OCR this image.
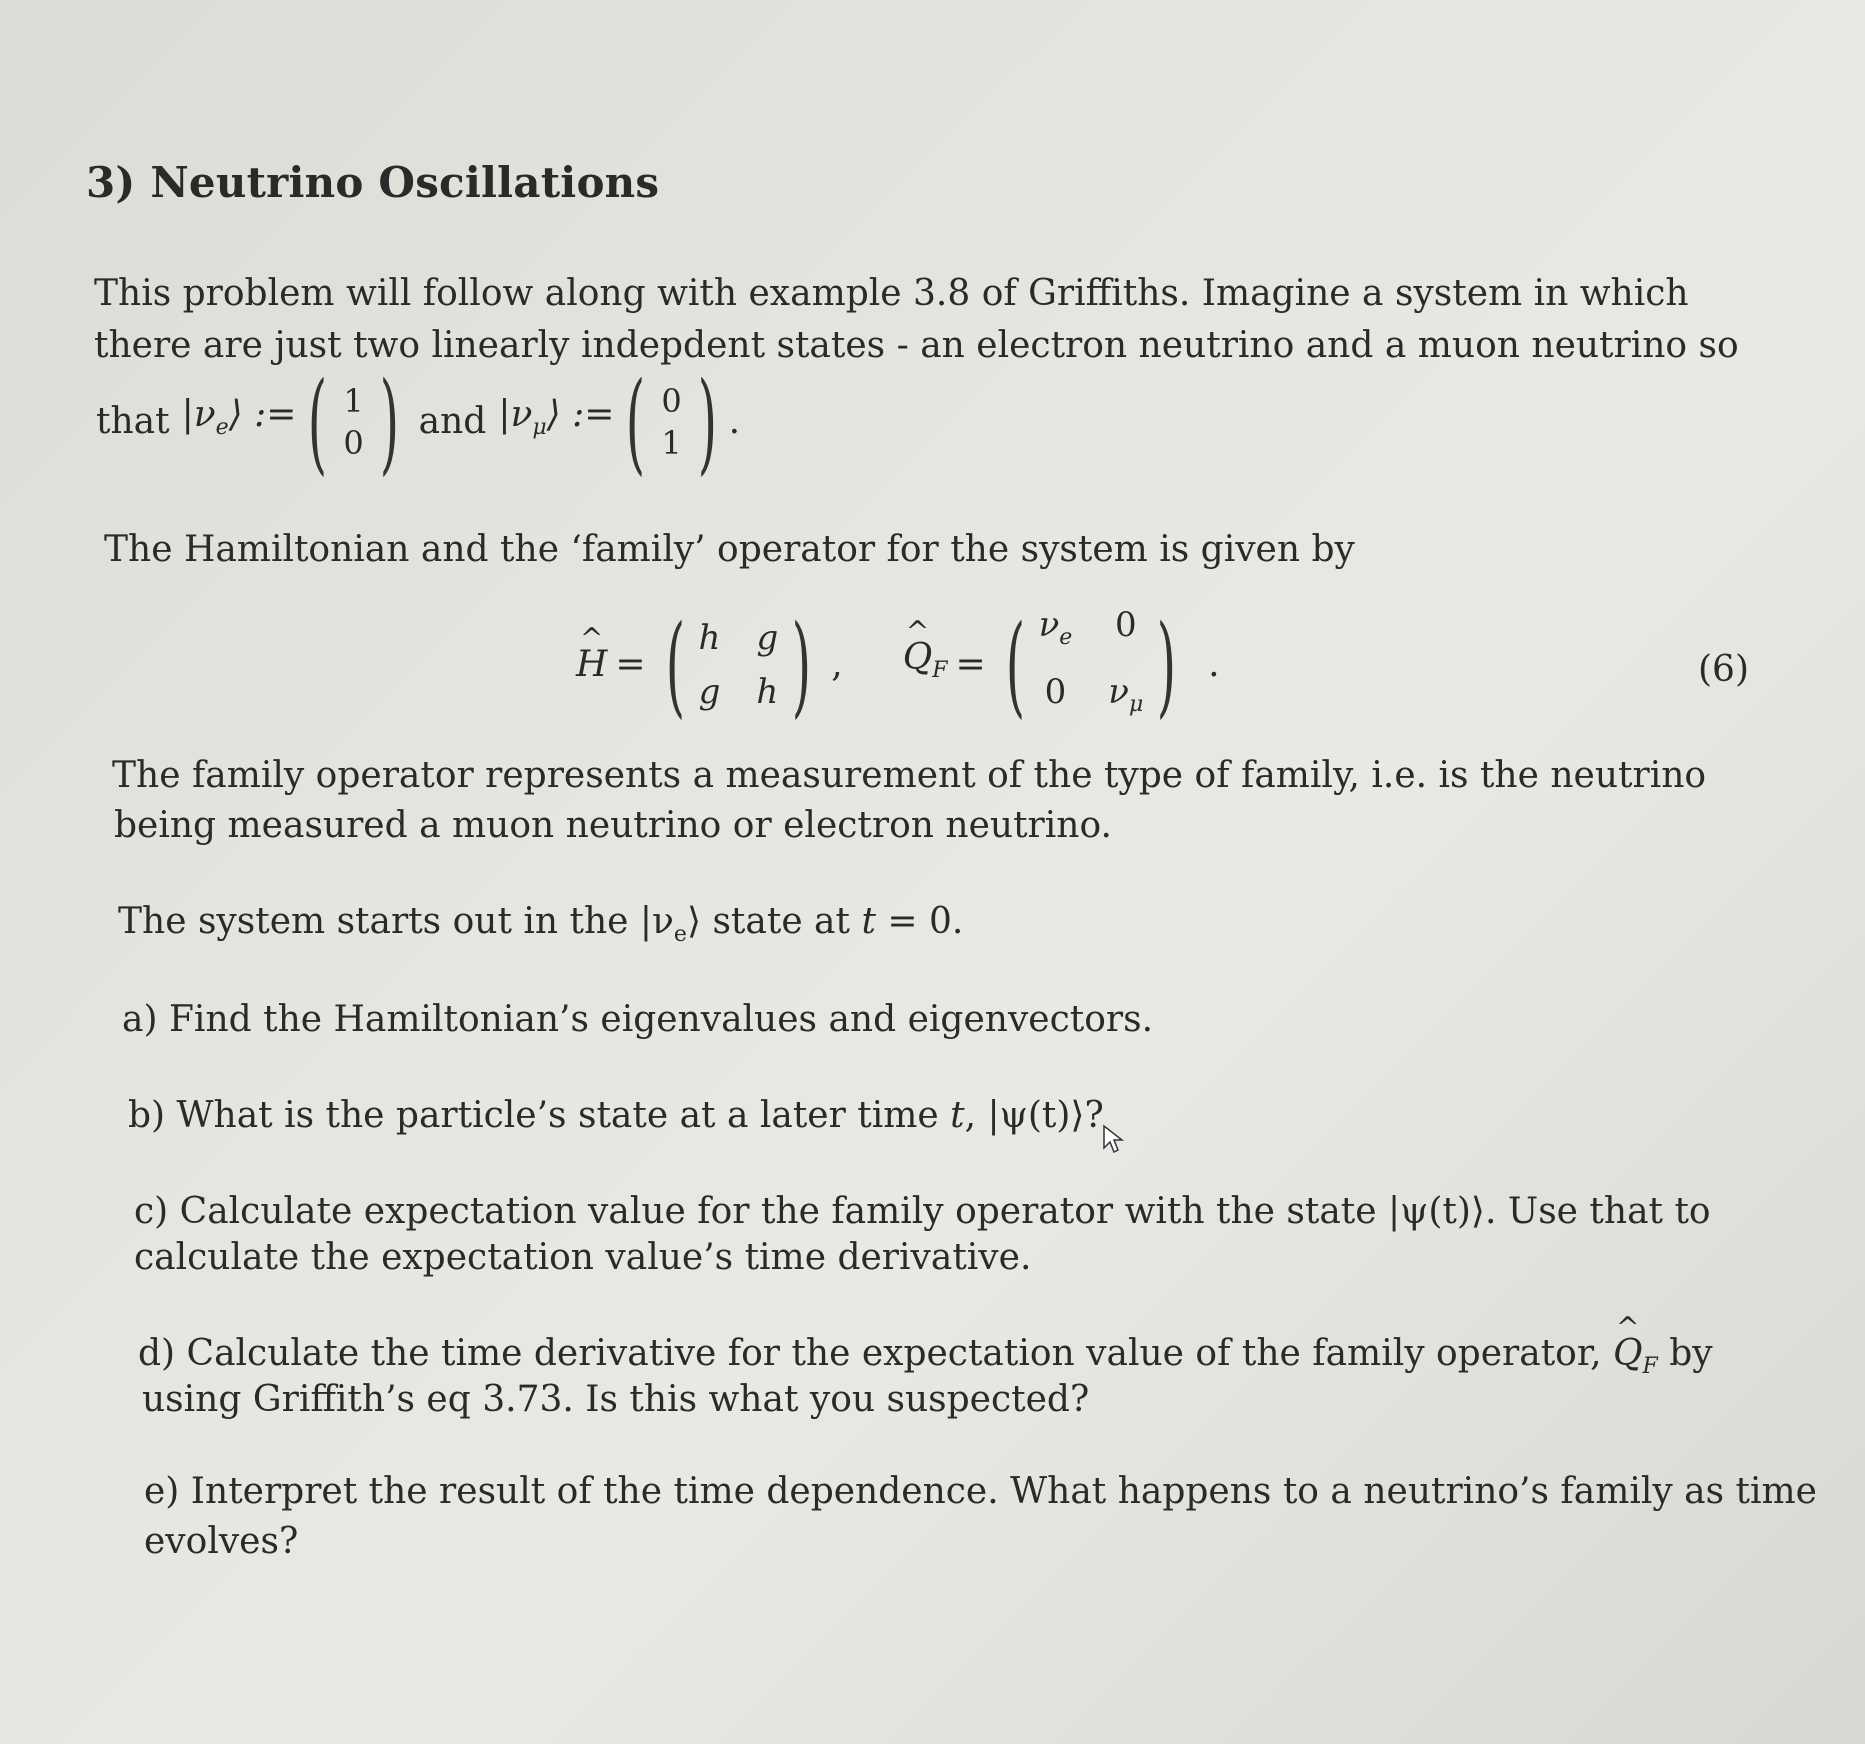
3) Neutrino Oscillations
This problem will follow along with example 3.8 of Griffiths. Imagine a system in which
there are just two linearly indepdent states - an electron neutrino and a muon neutrino so
that $|\nu_e⟩$ := ( 1
0 ) and $|\nu_\mu⟩$ := ( 0
1 ) .
The Hamiltonian and the ‘family’ operator for the system is given by
^ H = ( h g
g h ) ,
^ $Q_F$ = ( $\nu_e$ 0
0 $\nu_\mu$ ) .	(6)
The family operator represents a measurement of the type of family, i.e. is the neutrino
being measured a muon neutrino or electron neutrino.
The system starts out in the $|\nu_e⟩$ state at t = 0.
a) Find the Hamiltonian’s eigenvalues and eigenvectors.
b) What is the particle’s state at a later time t, |ψ(t)⟩?
c) Calculate expectation value for the family operator with the state |ψ(t)⟩. Use that to
calculate the expectation value’s time derivative.
d) Calculate the time derivative for the expectation value of the family operator, ^ $Q_F$ by
using Griffith’s eq 3.73. Is this what you suspected?
e) Interpret the result of the time dependence. What happens to a neutrino’s family as time
evolves?
